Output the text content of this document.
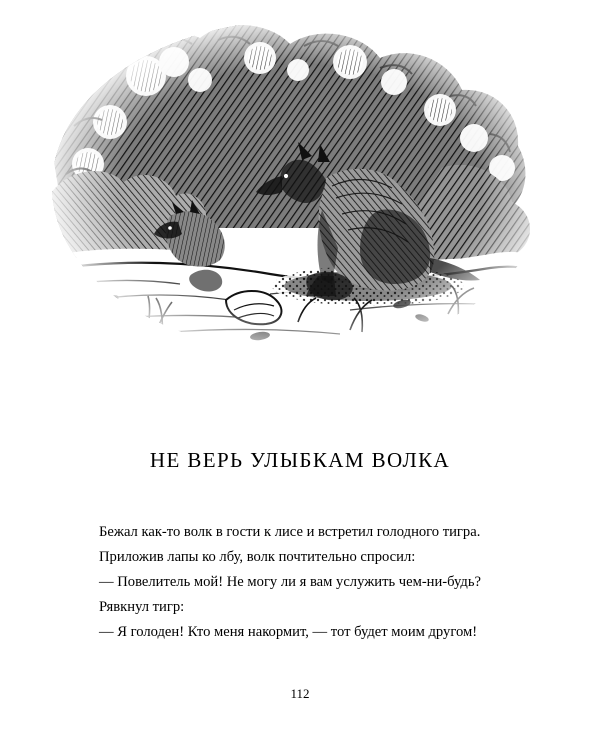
НЕ ВЕРЬ УЛЫБКАМ ВОЛКА

Бежал как-то волк в гости к лисе и встретил голодного тигра.

Приложив лапы ко лбу, волк почтительно спросил:

— Повелитель мой! Не могу ли я вам услужить чем-ни-будь?

Рявкнул тигр:

— Я голоден! Кто меня накормит, — тот будет моим другом!

112
